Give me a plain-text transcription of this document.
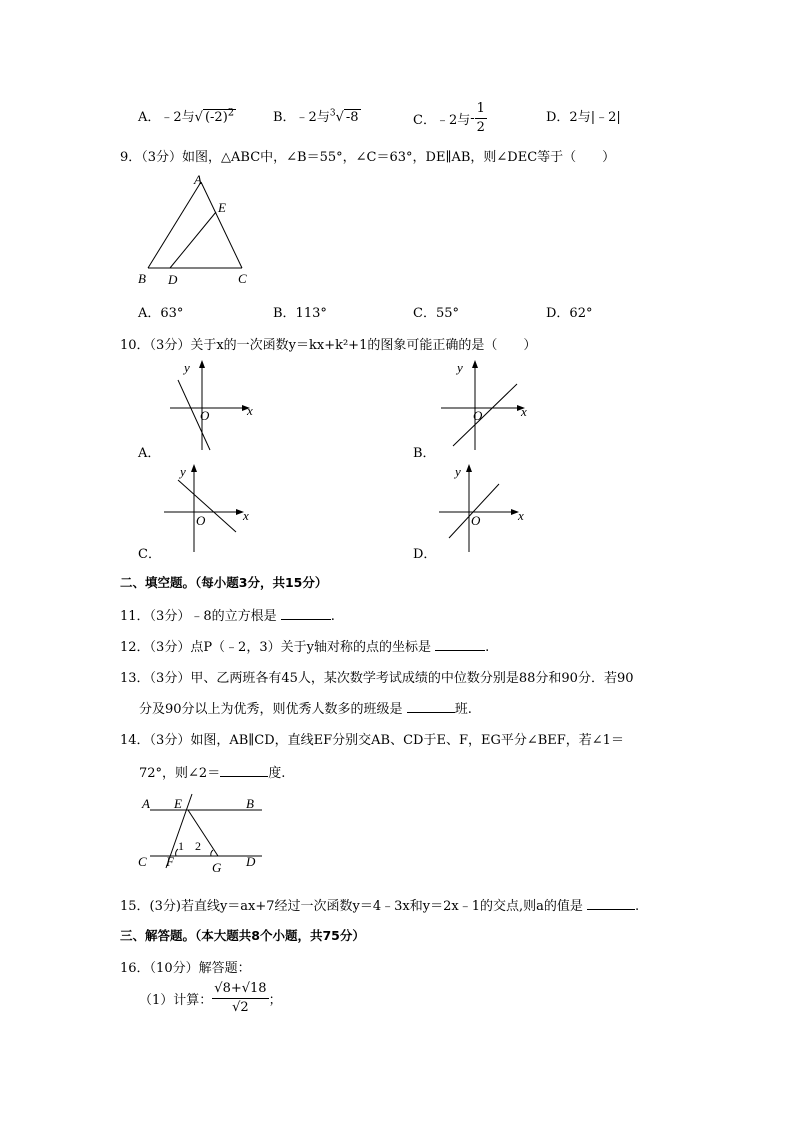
A．﹣2与√ $(-2)^2$	B．﹣2与$^3$√ -8	C．﹣2与- $\frac{1}{2}$	D．2与|﹣2|
9．（3分）如图，△ABC中，∠B＝55°，∠C＝63°，DE∥AB，则∠DEC等于（　　）
A
E
B D	C
A．63°	B．113°	C．55°	D．62°
10．（3分）关于x的一次函数y＝kx+k²+1的图象可能正确的是（　　）
y
x
O
A．
y
x
O
B．
y
x
O
C．
y
x
O
D．
二、填空题。（每小题3分，共15分）
11．（3分）﹣8的立方根是	.
12．（3分）点P（﹣2，3）关于y轴对称的点的坐标是	.
13．（3分）甲、乙两班各有45人，某次数学考试成绩的中位数分别是88分和90分．若90
分及90分以上为优秀，则优秀人数多的班级是	班.
14．（3分）如图，AB∥CD，直线EF分别交AB、CD于E、F，EG平分∠BEF，若∠1＝
72°，则∠2＝	度.
A E	B
1 2
C F	G D
15．(3分)若直线y＝ax+7经过一次函数y＝4﹣3x和y＝2x﹣1的交点,则a的值是	.
三、解答题。（本大题共8个小题，共75分）
16．（10分）解答题：
（1）计算： $\frac{√8+√18}{√2}$ ；
